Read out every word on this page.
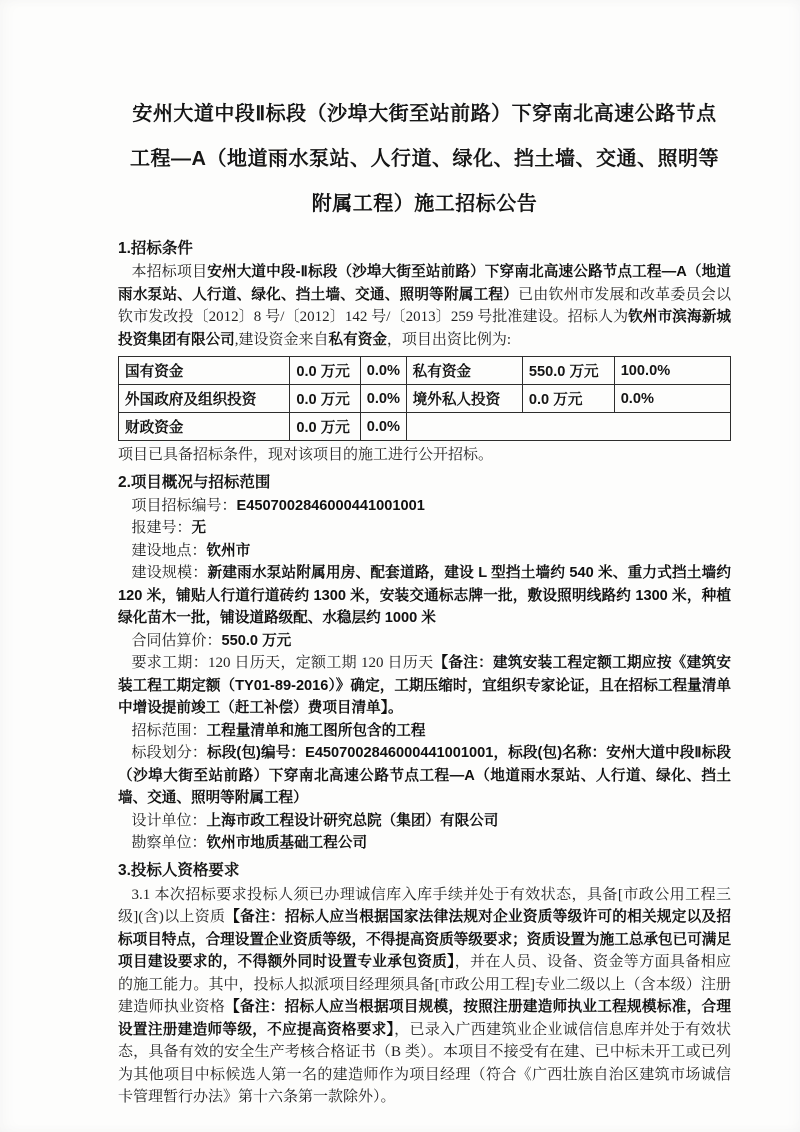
安州大道中段Ⅱ标段（沙埠大街至站前路）下穿南北高速公路节点工程—A（地道雨水泵站、人行道、绿化、挡土墙、交通、照明等附属工程）施工招标公告
1.招标条件

本招标项目安州大道中段-Ⅱ标段（沙埠大街至站前路）下穿南北高速公路节点工程—A（地道雨水泵站、人行道、绿化、挡土墙、交通、照明等附属工程）已由钦州市发展和改革委员会以钦市发改投〔2012〕8 号/〔2012〕142 号/〔2013〕259 号批准建设。招标人为钦州市滨海新城投资集团有限公司,建设资金来自私有资金，项目出资比例为:

国有资金	0.0 万元	0.0%	私有资金	550.0 万元	100.0%
外国政府及组织投资	0.0 万元	0.0%	境外私人投资	0.0 万元	0.0%
财政资金	0.0 万元	0.0%			

项目已具备招标条件，现对该项目的施工进行公开招标。

2.项目概况与招标范围

项目招标编号：E4507002846000441001001

报建号：无

建设地点：钦州市

建设规模：新建雨水泵站附属用房、配套道路，建设 L 型挡土墙约 540 米、重力式挡土墙约 120 米，铺贴人行道行道砖约 1300 米，安装交通标志牌一批，敷设照明线路约 1300 米，种植绿化苗木一批，铺设道路级配、水稳层约 1000 米

合同估算价：550.0 万元

要求工期：120 日历天，定额工期 120 日历天【备注：建筑安装工程定额工期应按《建筑安装工程工期定额（TY01-89-2016）》确定，工期压缩时，宜组织专家论证，且在招标工程量清单中增设提前竣工（赶工补偿）费项目清单】。

招标范围：工程量清单和施工图所包含的工程

标段划分：标段(包)编号：E4507002846000441001001，标段(包)名称：安州大道中段Ⅱ标段（沙埠大街至站前路）下穿南北高速公路节点工程—A（地道雨水泵站、人行道、绿化、挡土墙、交通、照明等附属工程）

设计单位：上海市政工程设计研究总院（集团）有限公司

勘察单位：钦州市地质基础工程公司

3.投标人资格要求

3.1 本次招标要求投标人须已办理诚信库入库手续并处于有效状态，具备[市政公用工程三级](含)以上资质【备注：招标人应当根据国家法律法规对企业资质等级许可的相关规定以及招标项目特点，合理设置企业资质等级，不得提高资质等级要求；资质设置为施工总承包已可满足项目建设要求的，不得额外同时设置专业承包资质】，并在人员、设备、资金等方面具备相应的施工能力。其中，投标人拟派项目经理须具备[市政公用工程]专业二级以上（含本级）注册建造师执业资格【备注：招标人应当根据项目规模，按照注册建造师执业工程规模标准，合理设置注册建造师等级，不应提高资格要求】，已录入广西建筑业企业诚信信息库并处于有效状态，具备有效的安全生产考核合格证书（B 类）。本项目不接受有在建、已中标未开工或已列为其他项目中标候选人第一名的建造师作为项目经理（符合《广西壮族自治区建筑市场诚信卡管理暂行办法》第十六条第一款除外）。
